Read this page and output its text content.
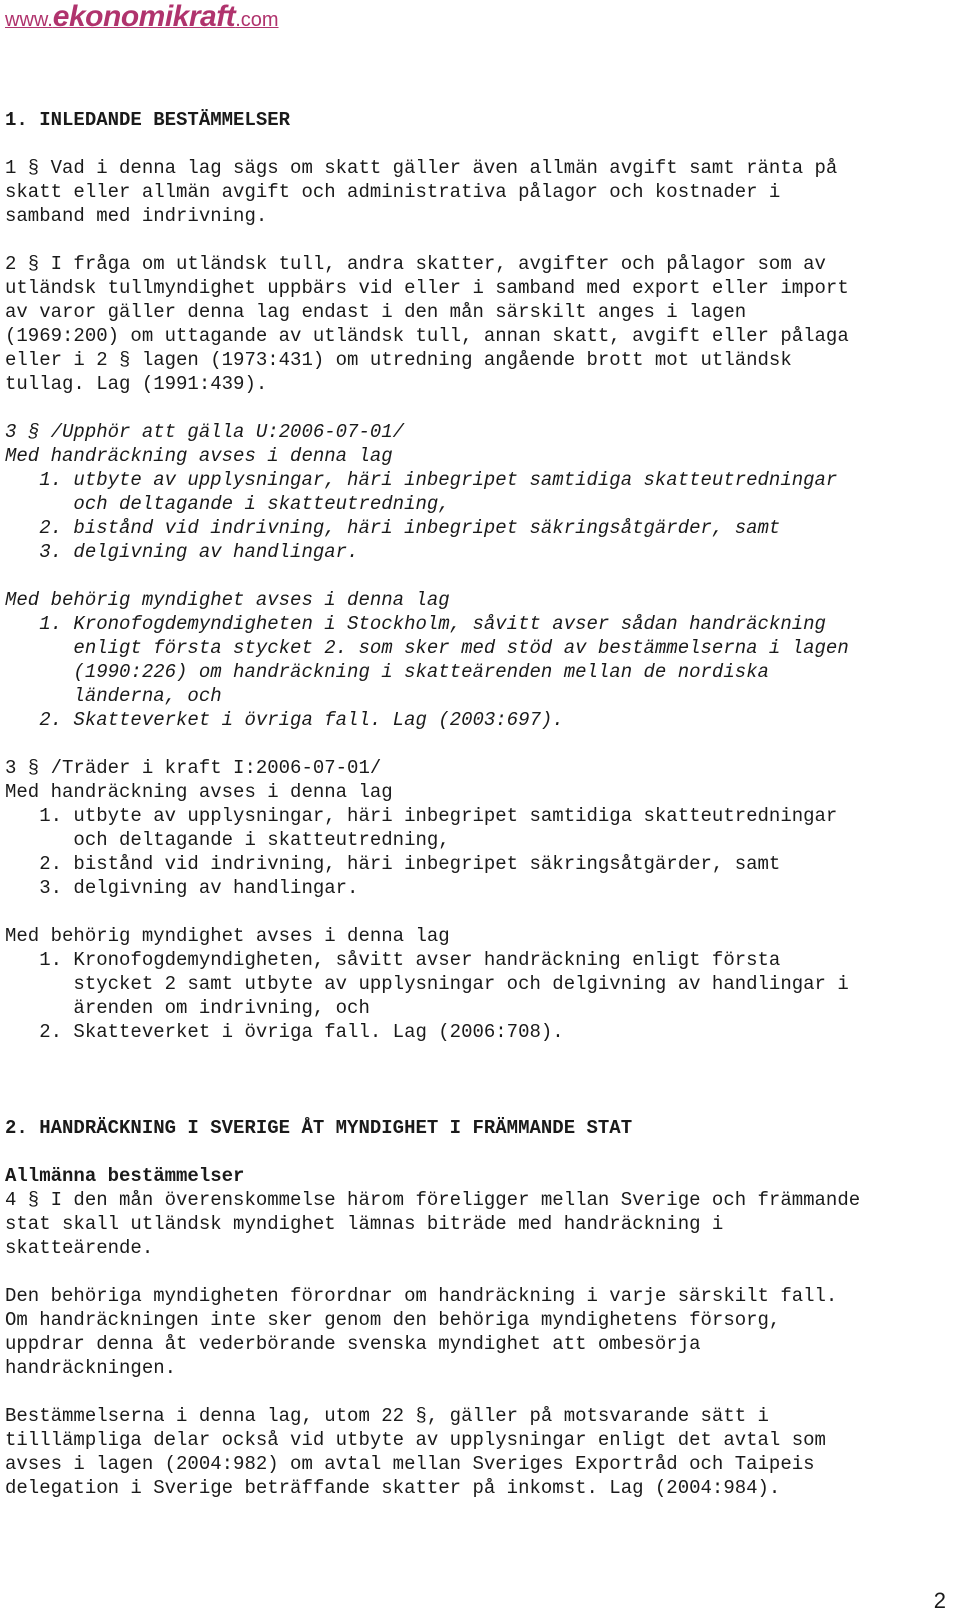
www.ekonomikraft.com
1. INLEDANDE BESTÄMMELSER
1 § Vad i denna lag sägs om skatt gäller även allmän avgift samt ränta på
skatt eller allmän avgift och administrativa pålagor och kostnader i
samband med indrivning.
2 § I fråga om utländsk tull, andra skatter, avgifter och pålagor som av
utländsk tullmyndighet uppbärs vid eller i samband med export eller import
av varor gäller denna lag endast i den mån särskilt anges i lagen
(1969:200) om uttagande av utländsk tull, annan skatt, avgift eller pålaga
eller i 2 § lagen (1973:431) om utredning angående brott mot utländsk
tullag. Lag (1991:439).
3 § /Upphör att gälla U:2006-07-01/
Med handräckning avses i denna lag
1. utbyte av upplysningar, häri inbegripet samtidiga skatteutredningar
och deltagande i skatteutredning,
2. bistånd vid indrivning, häri inbegripet säkringsåtgärder, samt
3. delgivning av handlingar.
Med behörig myndighet avses i denna lag
1. Kronofogdemyndigheten i Stockholm, såvitt avser sådan handräckning
enligt första stycket 2. som sker med stöd av bestämmelserna i lagen
(1990:226) om handräckning i skatteärenden mellan de nordiska
länderna, och
2. Skatteverket i övriga fall. Lag (2003:697).
3 § /Träder i kraft I:2006-07-01/
Med handräckning avses i denna lag
1. utbyte av upplysningar, häri inbegripet samtidiga skatteutredningar
och deltagande i skatteutredning,
2. bistånd vid indrivning, häri inbegripet säkringsåtgärder, samt
3. delgivning av handlingar.
Med behörig myndighet avses i denna lag
1. Kronofogdemyndigheten, såvitt avser handräckning enligt första
stycket 2 samt utbyte av upplysningar och delgivning av handlingar i
ärenden om indrivning, och
2. Skatteverket i övriga fall. Lag (2006:708).
2. HANDRÄCKNING I SVERIGE ÅT MYNDIGHET I FRÄMMANDE STAT
Allmänna bestämmelser
4 § I den mån överenskommelse härom föreligger mellan Sverige och främmande
stat skall utländsk myndighet lämnas biträde med handräckning i
skatteärende.
Den behöriga myndigheten förordnar om handräckning i varje särskilt fall.
Om handräckningen inte sker genom den behöriga myndighetens försorg,
uppdrar denna åt vederbörande svenska myndighet att ombesörja
handräckningen.
Bestämmelserna i denna lag, utom 22 §, gäller på motsvarande sätt i
tilllämpliga delar också vid utbyte av upplysningar enligt det avtal som
avses i lagen (2004:982) om avtal mellan Sveriges Exportråd och Taipeis
delegation i Sverige beträffande skatter på inkomst. Lag (2004:984).
2
